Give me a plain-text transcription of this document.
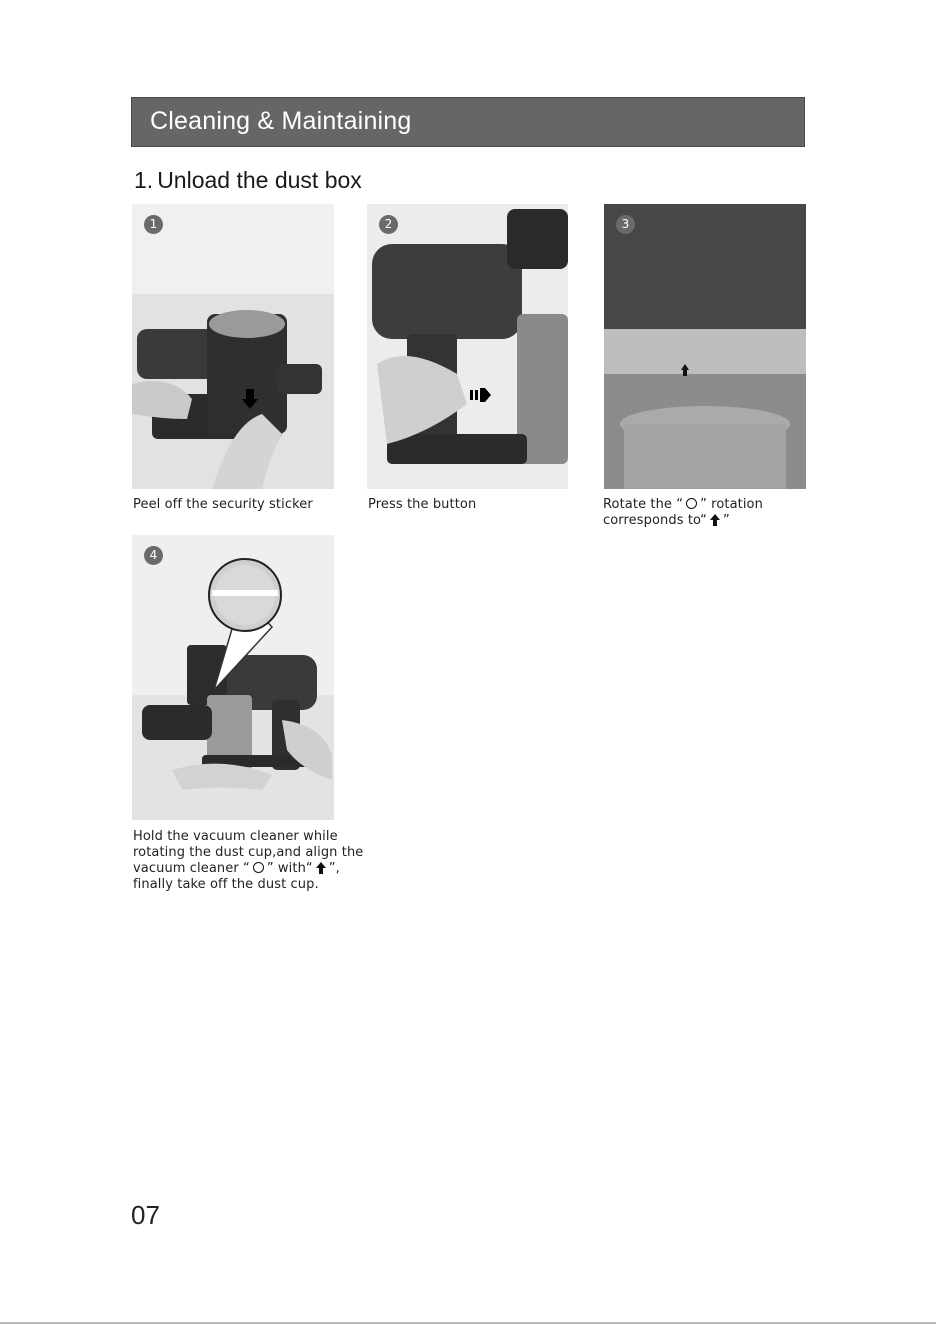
Cleaning & Maintaining
1. Unload the dust box
1
Peel off the security sticker
2
Press the button
3
Rotate the “ ○ ” rotation
corresponds to“ ”
4
Hold the vacuum cleaner while
rotating the dust cup,and align the
vacuum cleaner “ ○ ” with“ ”,
finally take off the dust cup.
07
